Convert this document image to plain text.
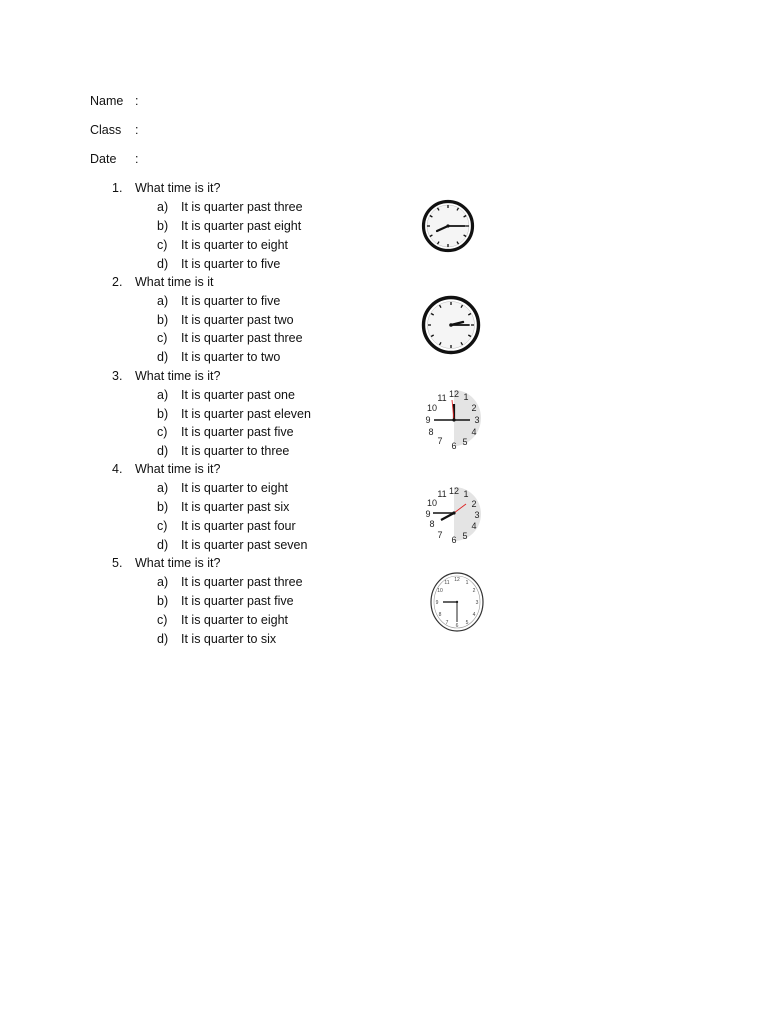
Name :
Class	:
Date	:
1.	What time is it?
a) It is quarter past three
b) It is quarter past eight
c) It is quarter to eight
d) It is quarter to five
2.	What time is it
a) It is quarter to five
b) It is quarter past two
c) It is quarter past three
d) It is quarter to two
3.	What time is it?
a) It is quarter past one
b) It is quarter past eleven
c) It is quarter past five
d) It is quarter to three
4.	What time is it?
a) It is quarter to eight
b) It is quarter past six
c) It is quarter past four
d) It is quarter past seven
5.	What time is it?
a) It is quarter past three
b) It is quarter past five
c) It is quarter to eight
d) It is quarter to six
12 1
2
3
4
5
6
7
8
9
10
11
12 1
2
3
4
5
6
7
8
9
10
11
12 1
2
3
4
5
6
7
8
9
10
11
